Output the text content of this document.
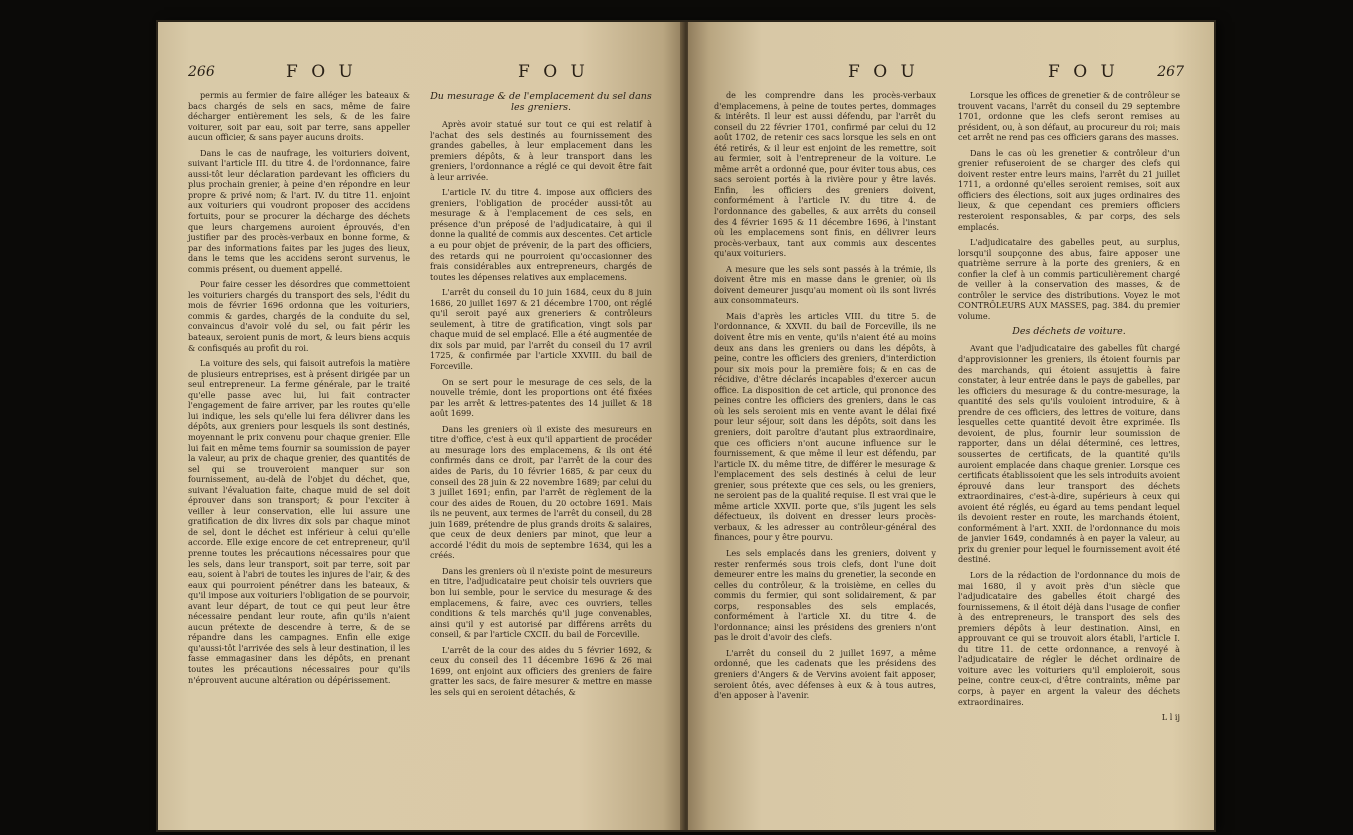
266	F O U	F O U

permis au fermier de faire alléger les bateaux & bacs chargés de sels en sacs, même de faire décharger entièrement les sels, & de les faire voiturer, soit par eau, soit par terre, sans appeller aucun officier, & sans payer aucuns droits.

Dans le cas de naufrage, les voituriers doivent, suivant l'article III. du titre 4. de l'ordonnance, faire aussi-tôt leur déclaration pardevant les officiers du plus prochain grenier, à peine d'en répondre en leur propre & privé nom; & l'art. IV. du titre 11. enjoint aux voituriers qui voudront proposer des accidens fortuits, pour se procurer la décharge des déchets que leurs chargemens auroient éprouvés, d'en justifier par des procès-verbaux en bonne forme, & par des informations faites par les juges des lieux, dans le tems que les accidens seront survenus, le commis présent, ou duement appellé.

Pour faire cesser les désordres que commettoient les voituriers chargés du transport des sels, l'édit du mois de février 1696 ordonna que les voituriers, commis & gardes, chargés de la conduite du sel, convaincus d'avoir volé du sel, ou fait périr les bateaux, seroient punis de mort, & leurs biens acquis & confisqués au profit du roi.

La voiture des sels, qui faisoit autrefois la matière de plusieurs entreprises, est à présent dirigée par un seul entrepreneur. La ferme générale, par le traité qu'elle passe avec lui, lui fait contracter l'engagement de faire arriver, par les routes qu'elle lui indique, les sels qu'elle lui fera délivrer dans les dépôts, aux greniers pour lesquels ils sont destinés, moyennant le prix convenu pour chaque grenier. Elle lui fait en même tems fournir sa soumission de payer la valeur, au prix de chaque grenier, des quantités de sel qui se trouveroient manquer sur son fournissement, au-delà de l'objet du déchet, que, suivant l'évaluation faite, chaque muid de sel doit éprouver dans son transport; & pour l'exciter à veiller à leur conservation, elle lui assure une gratification de dix livres dix sols par chaque minot de sel, dont le déchet est inférieur à celui qu'elle accorde. Elle exige encore de cet entrepreneur, qu'il prenne toutes les précautions nécessaires pour que les sels, dans leur transport, soit par terre, soit par eau, soient à l'abri de toutes les injures de l'air, & des eaux qui pourroient pénétrer dans les bateaux, & qu'il impose aux voituriers l'obligation de se pourvoir, avant leur départ, de tout ce qui peut leur être nécessaire pendant leur route, afin qu'ils n'aient aucun prétexte de descendre à terre, & de se répandre dans les campagnes. Enfin elle exige qu'aussi-tôt l'arrivée des sels à leur destination, il les fasse emmagasiner dans les dépôts, en prenant toutes les précautions nécessaires pour qu'ils n'éprouvent aucune altération ou dépérissement.

Du mesurage & de l'emplacement du sel dans les greniers.

Après avoir statué sur tout ce qui est relatif à l'achat des sels destinés au fournissement des grandes gabelles, à leur emplacement dans les premiers dépôts, & à leur transport dans les greniers, l'ordonnance a réglé ce qui devoit être fait à leur arrivée.

L'article IV. du titre 4. impose aux officiers des greniers, l'obligation de procéder aussi-tôt au mesurage & à l'emplacement de ces sels, en présence d'un préposé de l'adjudicataire, à qui il donne la qualité de commis aux descentes. Cet article a eu pour objet de prévenir, de la part des officiers, des retards qui ne pourroient qu'occasionner des frais considérables aux entrepreneurs, chargés de toutes les dépenses relatives aux emplacemens.

L'arrêt du conseil du 10 juin 1684, ceux du 8 juin 1686, 20 juillet 1697 & 21 décembre 1700, ont réglé qu'il seroit payé aux greneriers & contrôleurs seulement, à titre de gratification, vingt sols par chaque muid de sel emplacé. Elle a été augmentée de dix sols par muid, par l'arrêt du conseil du 17 avril 1725, & confirmée par l'article XXVIII. du bail de Forceville.

On se sert pour le mesurage de ces sels, de la nouvelle trémie, dont les proportions ont été fixées par les arrêt & lettres-patentes des 14 juillet & 18 août 1699.

Dans les greniers où il existe des mesureurs en titre d'office, c'est à eux qu'il appartient de procéder au mesurage lors des emplacemens, & ils ont été confirmés dans ce droit, par l'arrêt de la cour des aides de Paris, du 10 février 1685, & par ceux du conseil des 28 juin & 22 novembre 1689; par celui du 3 juillet 1691; enfin, par l'arrêt de règlement de la cour des aides de Rouen, du 20 octobre 1691. Mais ils ne peuvent, aux termes de l'arrêt du conseil, du 28 juin 1689, prétendre de plus grands droits & salaires, que ceux de deux deniers par minot, que leur a accordé l'édit du mois de septembre 1634, qui les a créés.

Dans les greniers où il n'existe point de mesureurs en titre, l'adjudicataire peut choisir tels ouvriers que bon lui semble, pour le service du mesurage & des emplacemens, & faire, avec ces ouvriers, telles conditions & tels marchés qu'il juge convenables, ainsi qu'il y est autorisé par différens arrêts du conseil, & par l'article CXCII. du bail de Forceville.

L'arrêt de la cour des aides du 5 février 1692, & ceux du conseil des 11 décembre 1696 & 26 mai 1699, ont enjoint aux officiers des greniers de faire gratter les sacs, de faire mesurer & mettre en masse les sels qui en seroient détachés, &

F O U	F O U	267

de les comprendre dans les procès-verbaux d'emplacemens, à peine de toutes pertes, dommages & intérêts. Il leur est aussi défendu, par l'arrêt du conseil du 22 février 1701, confirmé par celui du 12 août 1702, de retenir ces sacs lorsque les sels en ont été retirés, & il leur est enjoint de les remettre, soit au fermier, soit à l'entrepreneur de la voiture. Le même arrêt a ordonné que, pour éviter tous abus, ces sacs seroient portés à la rivière pour y être lavés. Enfin, les officiers des greniers doivent, conformément à l'article IV. du titre 4. de l'ordonnance des gabelles, & aux arrêts du conseil des 4 février 1695 & 11 décembre 1696, à l'instant où les emplacemens sont finis, en délivrer leurs procès-verbaux, tant aux commis aux descentes qu'aux voituriers.

A mesure que les sels sont passés à la trémie, ils doivent être mis en masse dans le grenier, où ils doivent demeurer jusqu'au moment où ils sont livrés aux consommateurs.

Mais d'après les articles VIII. du titre 5. de l'ordonnance, & XXVII. du bail de Forceville, ils ne doivent être mis en vente, qu'ils n'aient été au moins deux ans dans les greniers ou dans les dépôts, à peine, contre les officiers des greniers, d'interdiction pour six mois pour la première fois; & en cas de récidive, d'être déclarés incapables d'exercer aucun office. La disposition de cet article, qui prononce des peines contre les officiers des greniers, dans le cas où les sels seroient mis en vente avant le délai fixé pour leur séjour, soit dans les dépôts, soit dans les greniers, doit paroître d'autant plus extraordinaire, que ces officiers n'ont aucune influence sur le fournissement, & que même il leur est défendu, par l'article IX. du même titre, de différer le mesurage & l'emplacement des sels destinés à celui de leur grenier, sous prétexte que ces sels, ou les greniers, ne seroient pas de la qualité requise. Il est vrai que le même article XXVII. porte que, s'ils jugent les sels défectueux, ils doivent en dresser leurs procès-verbaux, & les adresser au contrôleur-général des finances, pour y être pourvu.

Les sels emplacés dans les greniers, doivent y rester renfermés sous trois clefs, dont l'une doit demeurer entre les mains du grenetier, la seconde en celles du contrôleur, & la troisième, en celles du commis du fermier, qui sont solidairement, & par corps, responsables des sels emplacés, conformément à l'article XI. du titre 4. de l'ordonnance; ainsi les présidens des greniers n'ont pas le droit d'avoir des clefs.

L'arrêt du conseil du 2 juillet 1697, a même ordonné, que les cadenats que les présidens des greniers d'Angers & de Vervins avoient fait apposer, seroient ôtés, avec défenses à eux & à tous autres, d'en apposer à l'avenir.

Lorsque les offices de grenetier & de contrôleur se trouvent vacans, l'arrêt du conseil du 29 septembre 1701, ordonne que les clefs seront remises au président, ou, à son défaut, au procureur du roi; mais cet arrêt ne rend pas ces officiers garans des masses.

Dans le cas où les grenetier & contrôleur d'un grenier refuseroient de se charger des clefs qui doivent rester entre leurs mains, l'arrêt du 21 juillet 1711, a ordonné qu'elles seroient remises, soit aux officiers des élections, soit aux juges ordinaires des lieux, & que cependant ces premiers officiers resteroient responsables, & par corps, des sels emplacés.

L'adjudicataire des gabelles peut, au surplus, lorsqu'il soupçonne des abus, faire apposer une quatrième serrure à la porte des greniers, & en confier la clef à un commis particulièrement chargé de veiller à la conservation des masses, & de contrôler le service des distributions. Voyez le mot CONTRÔLEURS AUX MASSES, pag. 384. du premier volume.

Des déchets de voiture.

Avant que l'adjudicataire des gabelles fût chargé d'approvisionner les greniers, ils étoient fournis par des marchands, qui étoient assujettis à faire constater, à leur entrée dans le pays de gabelles, par les officiers du mesurage & du contre-mesurage, la quantité des sels qu'ils vouloient introduire, & à prendre de ces officiers, des lettres de voiture, dans lesquelles cette quantité devoit être exprimée. Ils devoient, de plus, fournir leur soumission de rapporter, dans un délai déterminé, ces lettres, soussertes de certificats, de la quantité qu'ils auroient emplacée dans chaque grenier. Lorsque ces certificats établissoient que les sels introduits avoient éprouvé dans leur transport des déchets extraordinaires, c'est-à-dire, supérieurs à ceux qui avoient été réglés, eu égard au tems pendant lequel ils devoient rester en route, les marchands étoient, conformément à l'art. XXII. de l'ordonnance du mois de janvier 1649, condamnés à en payer la valeur, au prix du grenier pour lequel le fournissement avoit été destiné.

Lors de la rédaction de l'ordonnance du mois de mai 1680, il y avoit près d'un siècle que l'adjudicataire des gabelles étoit chargé des fournissemens, & il étoit déjà dans l'usage de confier à des entrepreneurs, le transport des sels des premiers dépôts à leur destination. Ainsi, en approuvant ce qui se trouvoit alors établi, l'article I. du titre 11. de cette ordonnance, a renvoyé à l'adjudicataire de régler le déchet ordinaire de voiture avec les voituriers qu'il emploieroit, sous peine, contre ceux-ci, d'être contraints, même par corps, à payer en argent la valeur des déchets extraordinaires.

L l ij
